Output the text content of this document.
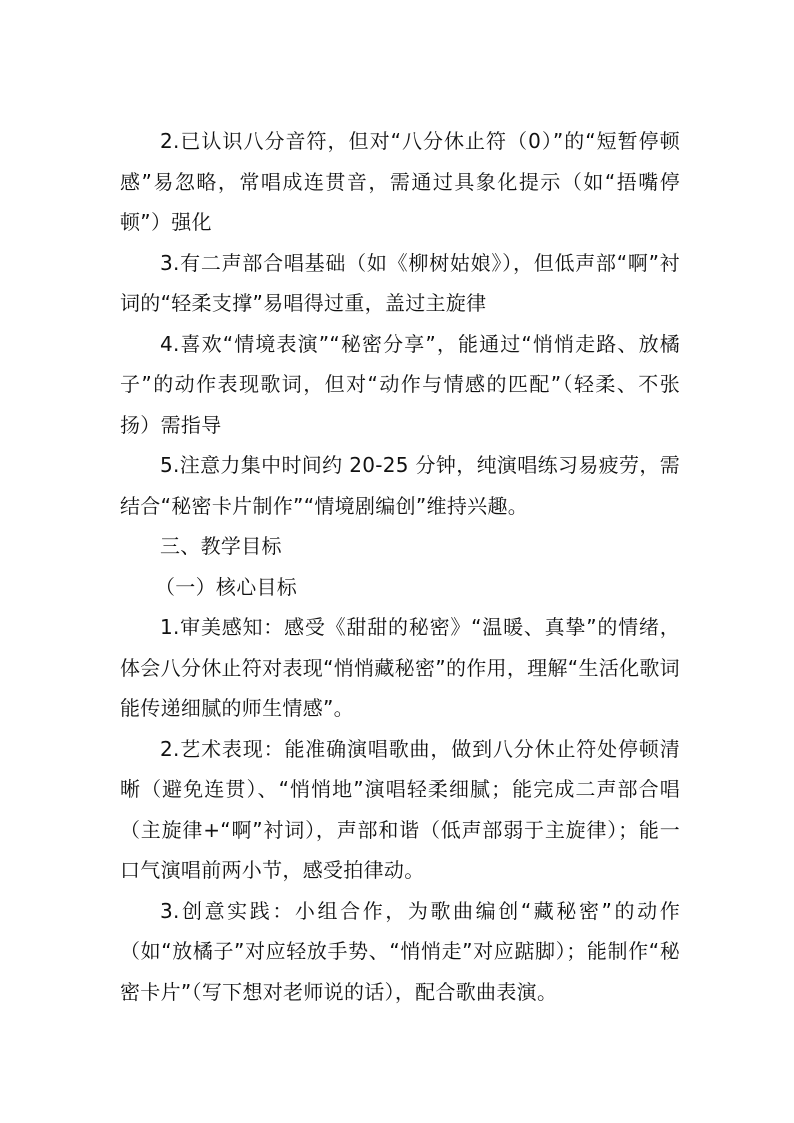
2.已认识八分音符，但对“八分休止符（0）”的“短暂停顿感”易忽略，常唱成连贯音，需通过具象化提示（如“捂嘴停顿”）强化

3.有二声部合唱基础（如《柳树姑娘》），但低声部“啊”衬词的“轻柔支撑”易唱得过重，盖过主旋律

4.喜欢“情境表演”“秘密分享”，能通过“悄悄走路、放橘子”的动作表现歌词，但对“动作与情感的匹配”（轻柔、不张扬）需指导

5.注意力集中时间约 20-25 分钟，纯演唱练习易疲劳，需结合“秘密卡片制作”“情境剧编创”维持兴趣。

三、教学目标

（一）核心目标

1.审美感知：感受《甜甜的秘密》“温暖、真挚”的情绪，体会八分休止符对表现“悄悄藏秘密”的作用，理解“生活化歌词能传递细腻的师生情感”。

2.艺术表现：能准确演唱歌曲，做到八分休止符处停顿清晰（避免连贯）、“悄悄地”演唱轻柔细腻；能完成二声部合唱（主旋律+“啊”衬词），声部和谐（低声部弱于主旋律）；能一口气演唱前两小节，感受拍律动。

3.创意实践：小组合作，为歌曲编创“藏秘密”的动作（如“放橘子”对应轻放手势、“悄悄走”对应踮脚）；能制作“秘密卡片”（写下想对老师说的话），配合歌曲表演。
